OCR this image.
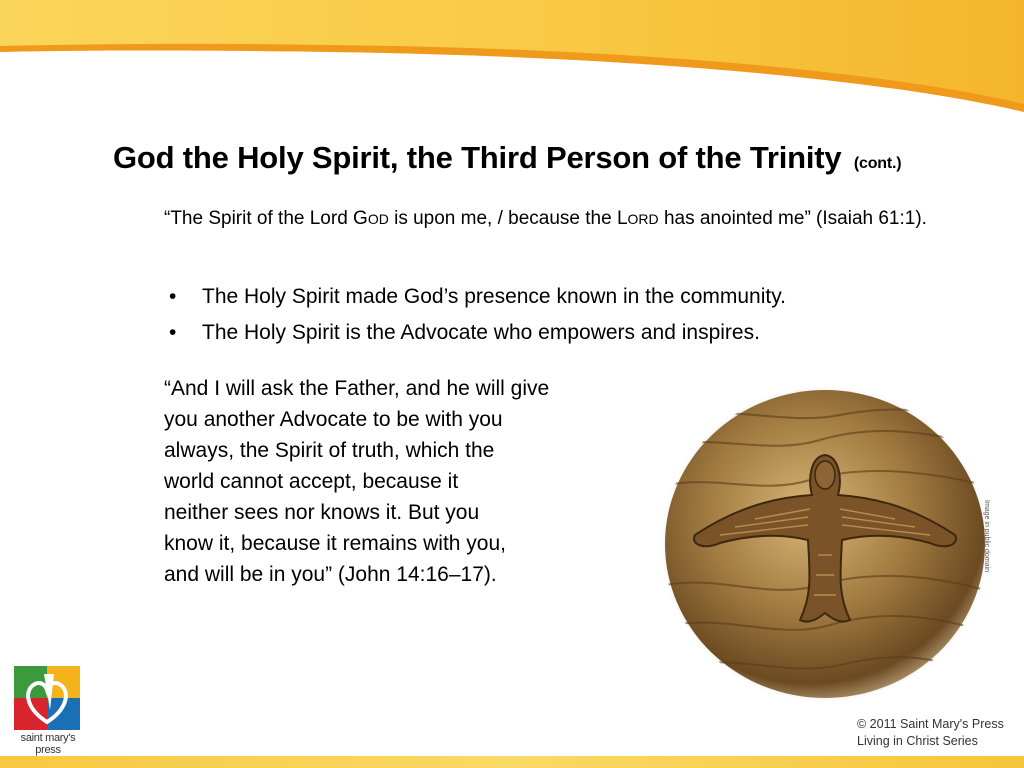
God the Holy Spirit, the Third Person of the Trinity (cont.)
“The Spirit of the Lord GOD is upon me, / because the LORD has anointed me” (Isaiah 61:1).
• The Holy Spirit made God’s presence known in the community.
• The Holy Spirit is the Advocate who empowers and inspires.
“And I will ask the Father, and he will give
you another Advocate to be with you
always, the Spirit of truth, which the
world cannot accept, because it
neither sees nor knows it. But you
know it, because it remains with you,
and will be in you” (John 14:16–17).
Image in public domain
saint mary's press
© 2011 Saint Mary's Press
Living in Christ Series
